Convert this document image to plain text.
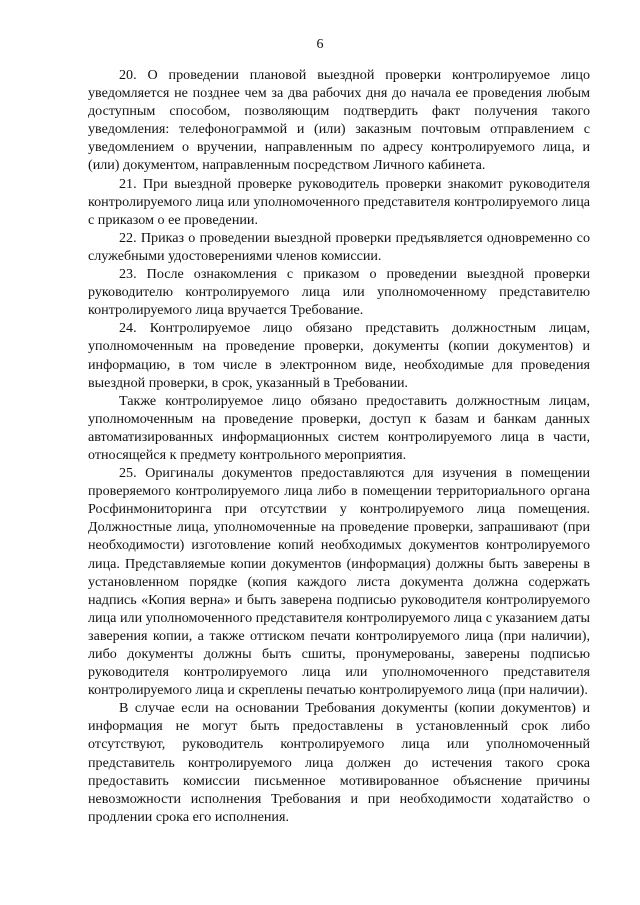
6

20. О проведении плановой выездной проверки контролируемое лицо уведомляется не позднее чем за два рабочих дня до начала ее проведения любым доступным способом, позволяющим подтвердить факт получения такого уведомления: телефонограммой и (или) заказным почтовым отправлением с уведомлением о вручении, направленным по адресу контролируемого лица, и (или) документом, направленным посредством Личного кабинета.

21. При выездной проверке руководитель проверки знакомит руководителя контролируемого лица или уполномоченного представителя контролируемого лица с приказом о ее проведении.

22. Приказ о проведении выездной проверки предъявляется одновременно со служебными удостоверениями членов комиссии.

23. После ознакомления с приказом о проведении выездной проверки руководителю контролируемого лица или уполномоченному представителю контролируемого лица вручается Требование.

24. Контролируемое лицо обязано представить должностным лицам, уполномоченным на проведение проверки, документы (копии документов) и информацию, в том числе в электронном виде, необходимые для проведения выездной проверки, в срок, указанный в Требовании.

Также контролируемое лицо обязано предоставить должностным лицам, уполномоченным на проведение проверки, доступ к базам и банкам данных автоматизированных информационных систем контролируемого лица в части, относящейся к предмету контрольного мероприятия.

25. Оригиналы документов предоставляются для изучения в помещении проверяемого контролируемого лица либо в помещении территориального органа Росфинмониторинга при отсутствии у контролируемого лица помещения. Должностные лица, уполномоченные на проведение проверки, запрашивают (при необходимости) изготовление копий необходимых документов контролируемого лица. Представляемые копии документов (информация) должны быть заверены в установленном порядке (копия каждого листа документа должна содержать надпись «Копия верна» и быть заверена подписью руководителя контролируемого лица или уполномоченного представителя контролируемого лица с указанием даты заверения копии, а также оттиском печати контролируемого лица (при наличии), либо документы должны быть сшиты, пронумерованы, заверены подписью руководителя контролируемого лица или уполномоченного представителя контролируемого лица и скреплены печатью контролируемого лица (при наличии).

В случае если на основании Требования документы (копии документов) и информация не могут быть предоставлены в установленный срок либо отсутствуют, руководитель контролируемого лица или уполномоченный представитель контролируемого лица должен до истечения такого срока предоставить комиссии письменное мотивированное объяснение причины невозможности исполнения Требования и при необходимости ходатайство о продлении срока его исполнения.
